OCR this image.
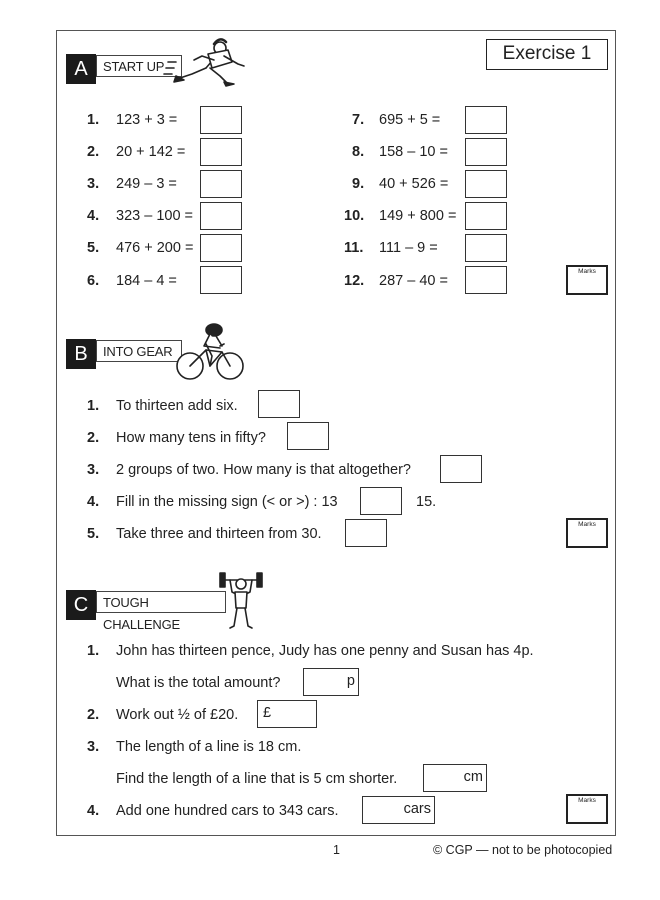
Exercise 1
START UP
A
1. 123 + 3 =
2. 20 + 142 =
3. 249 – 3 =
4. 323 – 100 =
5. 476 + 200 =
6. 184 – 4 =
7. 695 + 5 =
8. 158 – 10 =
9. 40 + 526 =
10. 149 + 800 =
11. 111 – 9 =
12. 287 – 40 =
Marks
INTO GEAR
B
1. To thirteen add six.
2. How many tens in fifty?
3. 2 groups of two. How many is that altogether?
4. Fill in the missing sign (< or >) : 13	15.
5. Take three and thirteen from 30.
Marks
TOUGH CHALLENGE
C
1. John has thirteen pence, Judy has one penny and Susan has 4p.
What is the total amount?	p
2. Work out ½ of £20. £
3. The length of a line is 18 cm.
Find the length of a line that is 5 cm shorter.	cm
4. Add one hundred cars to 343 cars.	cars
Marks
1	© CGP — not to be photocopied
